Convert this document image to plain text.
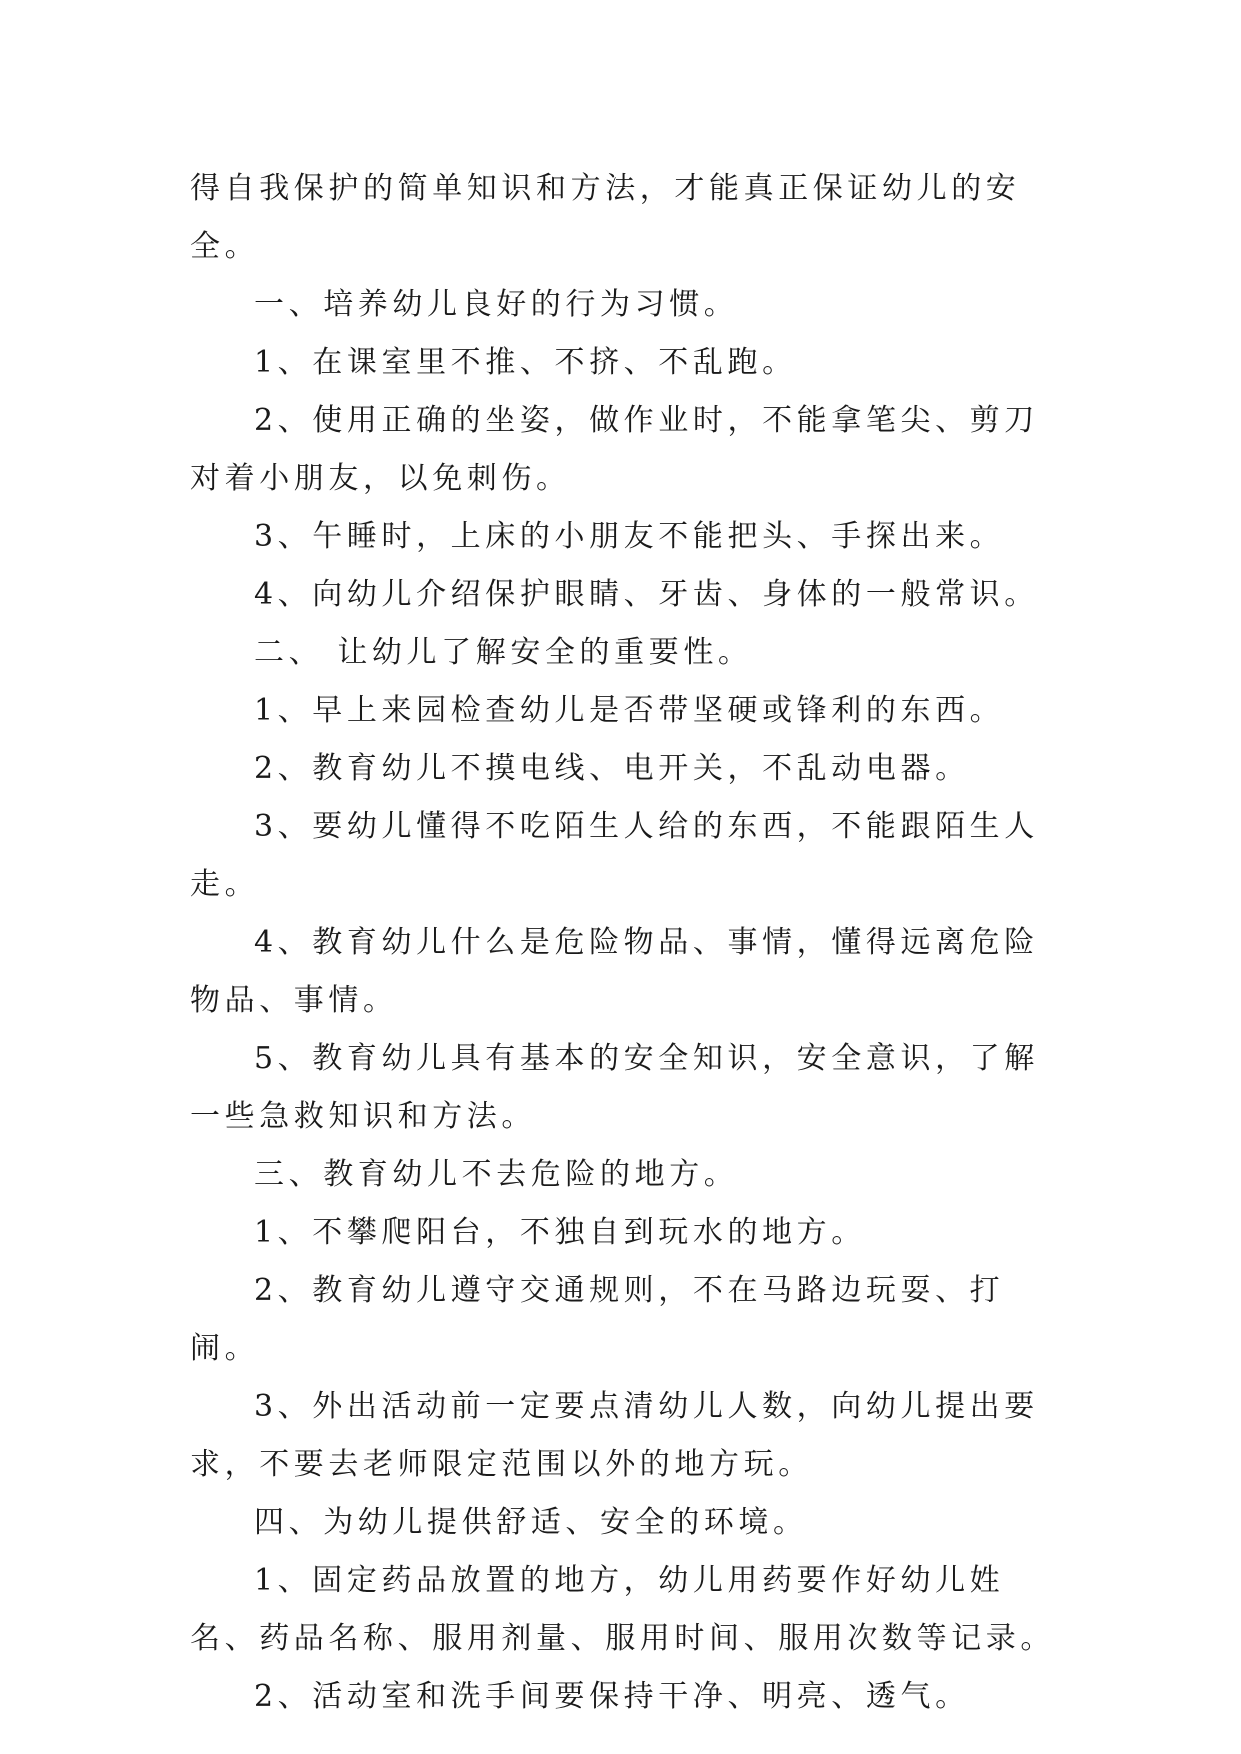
得自我保护的简单知识和方法，才能真正保证幼儿的安全。

一、培养幼儿良好的行为习惯。

1、在课室里不推、不挤、不乱跑。

2、使用正确的坐姿，做作业时，不能拿笔尖、剪刀对着小朋友，以免刺伤。

3、午睡时，上床的小朋友不能把头、手探出来。

4、向幼儿介绍保护眼睛、牙齿、身体的一般常识。

二、 让幼儿了解安全的重要性。

1、早上来园检查幼儿是否带坚硬或锋利的东西。

2、教育幼儿不摸电线、电开关，不乱动电器。

3、要幼儿懂得不吃陌生人给的东西，不能跟陌生人走。

4、教育幼儿什么是危险物品、事情，懂得远离危险物品、事情。

5、教育幼儿具有基本的安全知识，安全意识，了解一些急救知识和方法。

三、教育幼儿不去危险的地方。

1、不攀爬阳台，不独自到玩水的地方。

2、教育幼儿遵守交通规则，不在马路边玩耍、打闹。

3、外出活动前一定要点清幼儿人数，向幼儿提出要求，不要去老师限定范围以外的地方玩。

四、为幼儿提供舒适、安全的环境。

1、固定药品放置的地方，幼儿用药要作好幼儿姓名、药品名称、服用剂量、服用时间、服用次数等记录。

2、活动室和洗手间要保持干净、明亮、透气。
